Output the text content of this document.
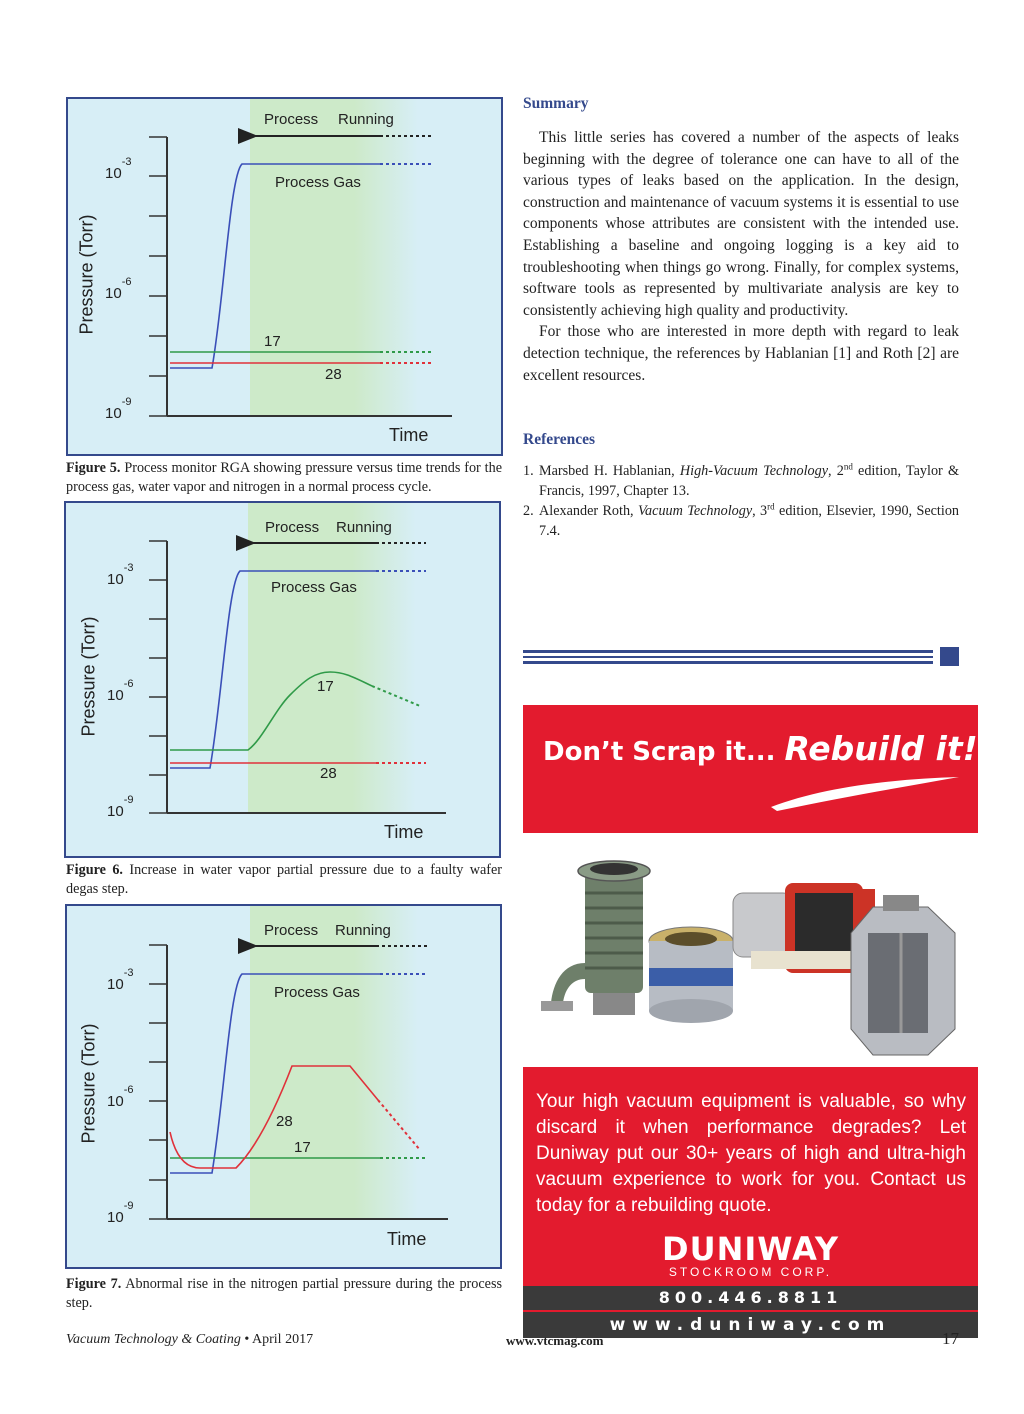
Process Running
Process Gas
17
28
Time
Pressure (Torr)
$10^{-3}$
$10^{-6}$
$10^{-9}$
Process Running
Process Gas
17
28
Time
Pressure (Torr)
$10^{-3}$
$10^{-6}$
$10^{-9}$
Process Running
Process Gas
28
17
Time
Pressure (Torr)
$10^{-3}$
$10^{-6}$
$10^{-9}$
Figure 5. Process monitor RGA showing pressure versus time trends for the process gas, water vapor and nitrogen in a normal process cycle.
Figure 6. Increase in water vapor partial pressure due to a faulty wafer degas step.
Figure 7. Abnormal rise in the nitrogen partial pressure during the process step.
Summary

This little series has covered a number of the aspects of leaks beginning with the degree of tolerance one can have to all of the various types of leaks based on the application. In the design, construction and maintenance of vacuum systems it is essential to use components whose attributes are consistent with the intended use. Establishing a baseline and ongoing logging is a key aid to troubleshooting when things go wrong. Finally, for complex systems, software tools as represented by multivariate analysis are key to consistently achieving high quality and productivity.

For those who are interested in more depth with regard to leak detection technique, the references by Hablanian [1] and Roth [2] are excellent resources.

References
1. Marsbed H. Hablanian, High-Vacuum Technology, 2nd edition, Taylor & Francis, 1997, Chapter 13.
2. Alexander Roth, Vacuum Technology, 3rd edition, Elsevier, 1990, Section 7.4.
Don’t Scrap it... Rebuild it!
Your high vacuum equipment is valuable, so why discard it when performance degrades? Let Duniway put our 30+ years of high and ultra-high vacuum experience to work for you. Contact us today for a rebuilding quote.
DUNIWAY
STOCKROOM CORP.
800.446.8811
www.duniway.com
Vacuum Technology & Coating • April 2017	www.vtcmag.com	17
